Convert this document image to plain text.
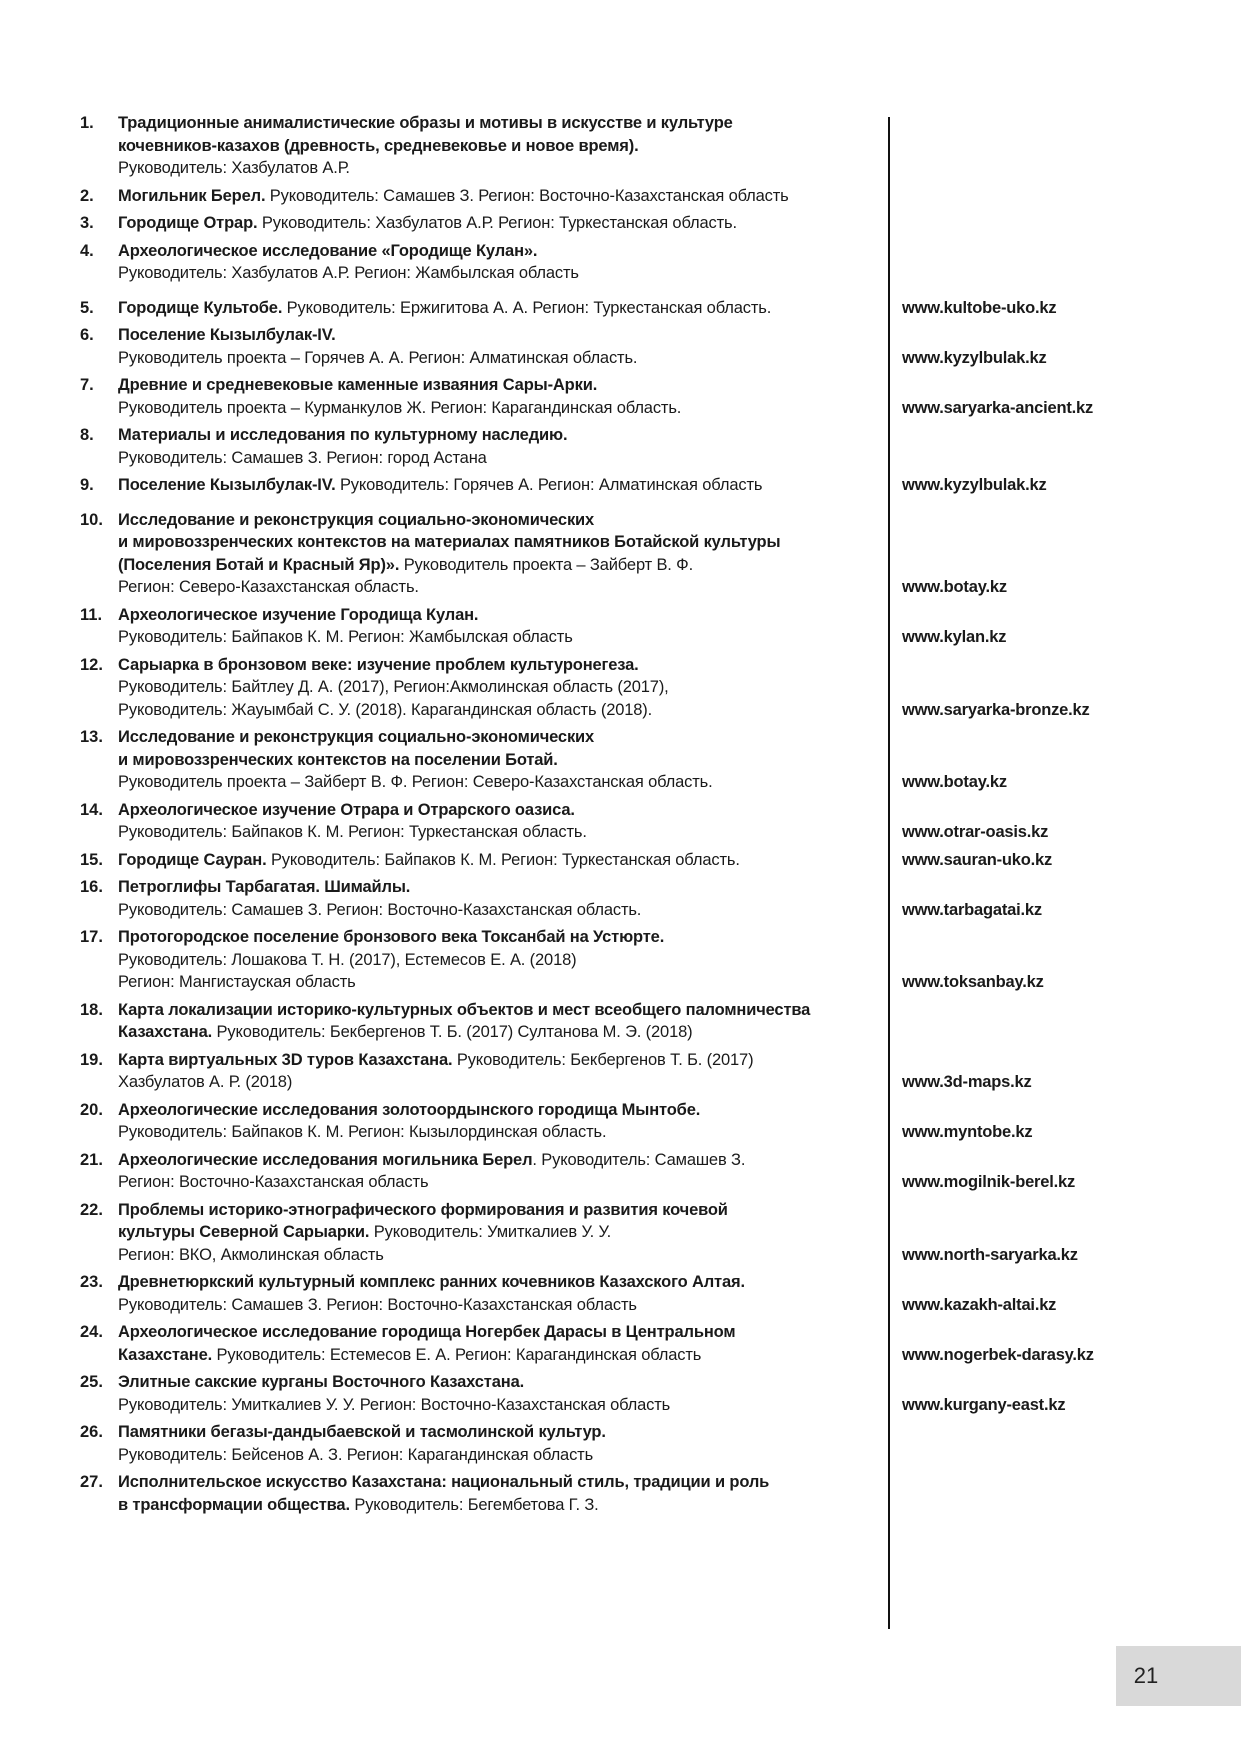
1.	Традиционные анималистические образы и мотивы в искусстве и культуре
кочевников-казахов (древность, средневековье и новое время).
Руководитель: Хазбулатов А.Р.
2.	Могильник Берел. Руководитель: Самашев З. Регион: Восточно-Казахстанская область
3.	Городище Отрар. Руководитель: Хазбулатов А.Р. Регион: Туркестанская область.
4.	Археологическое исследование «Городище Кулан».
Руководитель: Хазбулатов А.Р. Регион: Жамбылская область
5.	Городище Культобе. Руководитель: Ержигитова А. А. Регион: Туркестанская область.	www.kultobe-uko.kz
6.	Поселение Кызылбулак-IV.
Руководитель проекта – Горячев А. А. Регион: Алматинская область.	www.kyzylbulak.kz
7.	Древние и средневековые каменные изваяния Сары-Арки.
Руководитель проекта – Курманкулов Ж. Регион: Карагандинская область.	www.saryarka-ancient.kz
8.	Материалы и исследования по культурному наследию.
Руководитель: Самашев З. Регион: город Астана
9.	Поселение Кызылбулак-IV. Руководитель: Горячев А. Регион: Алматинская область	www.kyzylbulak.kz
10. Исследование и реконструкция социально-экономических
и мировоззренческих контекстов на материалах памятников Ботайской культуры
(Поселения Ботай и Красный Яр)». Руководитель проекта – Зайберт В. Ф.
Регион: Северо-Казахстанская область.	www.botay.kz
11. Археологическое изучение Городища Кулан.
Руководитель: Байпаков К. М. Регион: Жамбылская область	www.kylan.kz
12. Сарыарка в бронзовом веке: изучение проблем культуронегеза.
Руководитель: Байтлеу Д. А. (2017), Регион:Акмолинская область (2017),
Руководитель: Жауымбай С. У. (2018). Карагандинская область (2018).	www.saryarka-bronze.kz
13. Исследование и реконструкция социально-экономических
и мировоззренческих контекстов на поселении Ботай.
Руководитель проекта – Зайберт В. Ф. Регион: Северо-Казахстанская область.	www.botay.kz
14. Археологическое изучение Отрара и Отрарского оазиса.
Руководитель: Байпаков К. М. Регион: Туркестанская область.	www.otrar-oasis.kz
15. Городище Сауран. Руководитель: Байпаков К. М. Регион: Туркестанская область.	www.sauran-uko.kz
16. Петроглифы Тарбагатая. Шимайлы.
Руководитель: Самашев З. Регион: Восточно-Казахстанская область.	www.tarbagatai.kz
17. Протогородское поселение бронзового века Токсанбай на Устюрте.
Руководитель: Лошакова Т. Н. (2017), Естемесов Е. А. (2018)
Регион: Мангистауская область	www.toksanbay.kz
18. Карта локализации историко-культурных объектов и мест всеобщего паломничества
Казахстана. Руководитель: Бекбергенов Т. Б. (2017) Султанова М. Э. (2018)
19. Карта виртуальных 3D туров Казахстана. Руководитель: Бекбергенов Т. Б. (2017)
Хазбулатов А. Р. (2018)	www.3d-maps.kz
20. Археологические исследования золотоордынского городища Мынтобе.
Руководитель: Байпаков К. М. Регион: Кызылординская область.	www.myntobe.kz
21. Археологические исследования могильника Берел. Руководитель: Самашев З.
Регион: Восточно-Казахстанская область	www.mogilnik-berel.kz
22. Проблемы историко-этнографического формирования и развития кочевой
культуры Северной Сарыарки. Руководитель: Умиткалиев У. У.
Регион: ВКО, Акмолинская область	www.north-saryarka.kz
23. Древнетюркский культурный комплекс ранних кочевников Казахского Алтая.
Руководитель: Самашев З. Регион: Восточно-Казахстанская область	www.kazakh-altai.kz
24. Археологическое исследование городища Ногербек Дарасы в Центральном
Казахстане. Руководитель: Естемесов Е. А. Регион: Карагандинская область	www.nogerbek-darasy.kz
25. Элитные сакские курганы Восточного Казахстана.
Руководитель: Умиткалиев У. У. Регион: Восточно-Казахстанская область	www.kurgany-east.kz
26. Памятники бегазы-дандыбаевской и тасмолинской культур.
Руководитель: Бейсенов А. З. Регион: Карагандинская область
27. Исполнительское искусство Казахстана: национальный стиль, традиции и роль
в трансформации общества. Руководитель: Бегембетова Г. З.
21
